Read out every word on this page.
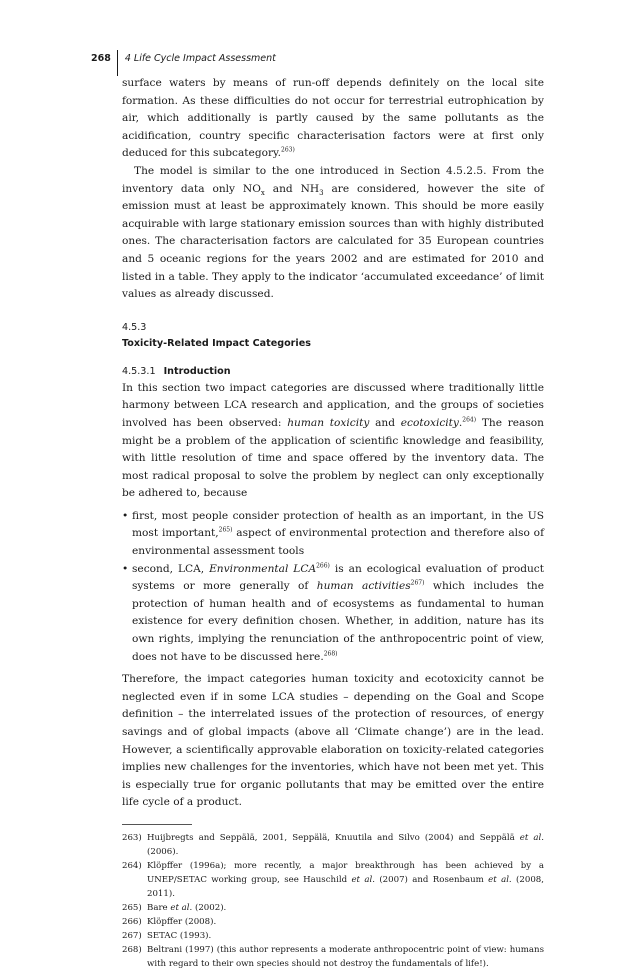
268	4 Life Cycle Impact Assessment

surface waters by means of run-off depends definitely on the local site formation. As these difficulties do not occur for terrestrial eutrophication by air, which additionally is partly caused by the same pollutants as the acidification, country specific characterisation factors were at first only deduced for this subcategory.$^{263)}$

The model is similar to the one introduced in Section 4.5.2.5. From the inventory data only $NO_x$ and $NH_3$ are considered, however the site of emission must at least be approximately known. This should be more easily acquirable with large stationary emission sources than with highly distributed ones. The characterisation factors are calculated for 35 European countries and 5 oceanic regions for the years 2002 and are estimated for 2010 and listed in a table. They apply to the indicator ‘accumulated exceedance’ of limit values as already discussed.

4.5.3
Toxicity-Related Impact Categories
4.5.3.1 Introduction

In this section two impact categories are discussed where traditionally little harmony between LCA research and application, and the groups of societies involved has been observed: human toxicity and ecotoxicity.$^{264)}$ The reason might be a problem of the application of scientific knowledge and feasibility, with little resolution of time and space offered by the inventory data. The most radical proposal to solve the problem by neglect can only exceptionally be adhered to, because

• first, most people consider protection of health as an important, in the US most important,$^{265)}$ aspect of environmental protection and therefore also of environmental assessment tools
• second, LCA, Environmental LCA$^{266)}$ is an ecological evaluation of product systems or more generally of human activities$^{267)}$ which includes the protection of human health and of ecosystems as fundamental to human existence for every definition chosen. Whether, in addition, nature has its own rights, implying the renunciation of the anthropocentric point of view, does not have to be discussed here.$^{268)}$

Therefore, the impact categories human toxicity and ecotoxicity cannot be neglected even if in some LCA studies – depending on the Goal and Scope definition – the interrelated issues of the protection of resources, of energy savings and of global impacts (above all ‘Climate change’) are in the lead. However, a scientifically approvable elaboration on toxicity-related categories implies new challenges for the inventories, which have not been met yet. This is especially true for organic pollutants that may be emitted over the entire life cycle of a product.

263) Huijbregts and Seppälä, 2001, Seppälä, Knuutila and Silvo (2004) and Seppälä et al. (2006).
264) Klöpffer (1996a); more recently, a major breakthrough has been achieved by a UNEP/SETAC working group, see Hauschild et al. (2007) and Rosenbaum et al. (2008, 2011).
265) Bare et al. (2002).
266) Klöpffer (2008).
267) SETAC (1993).
268) Beltrani (1997) (this author represents a moderate anthropocentric point of view: humans with regard to their own species should not destroy the fundamentals of life!).
